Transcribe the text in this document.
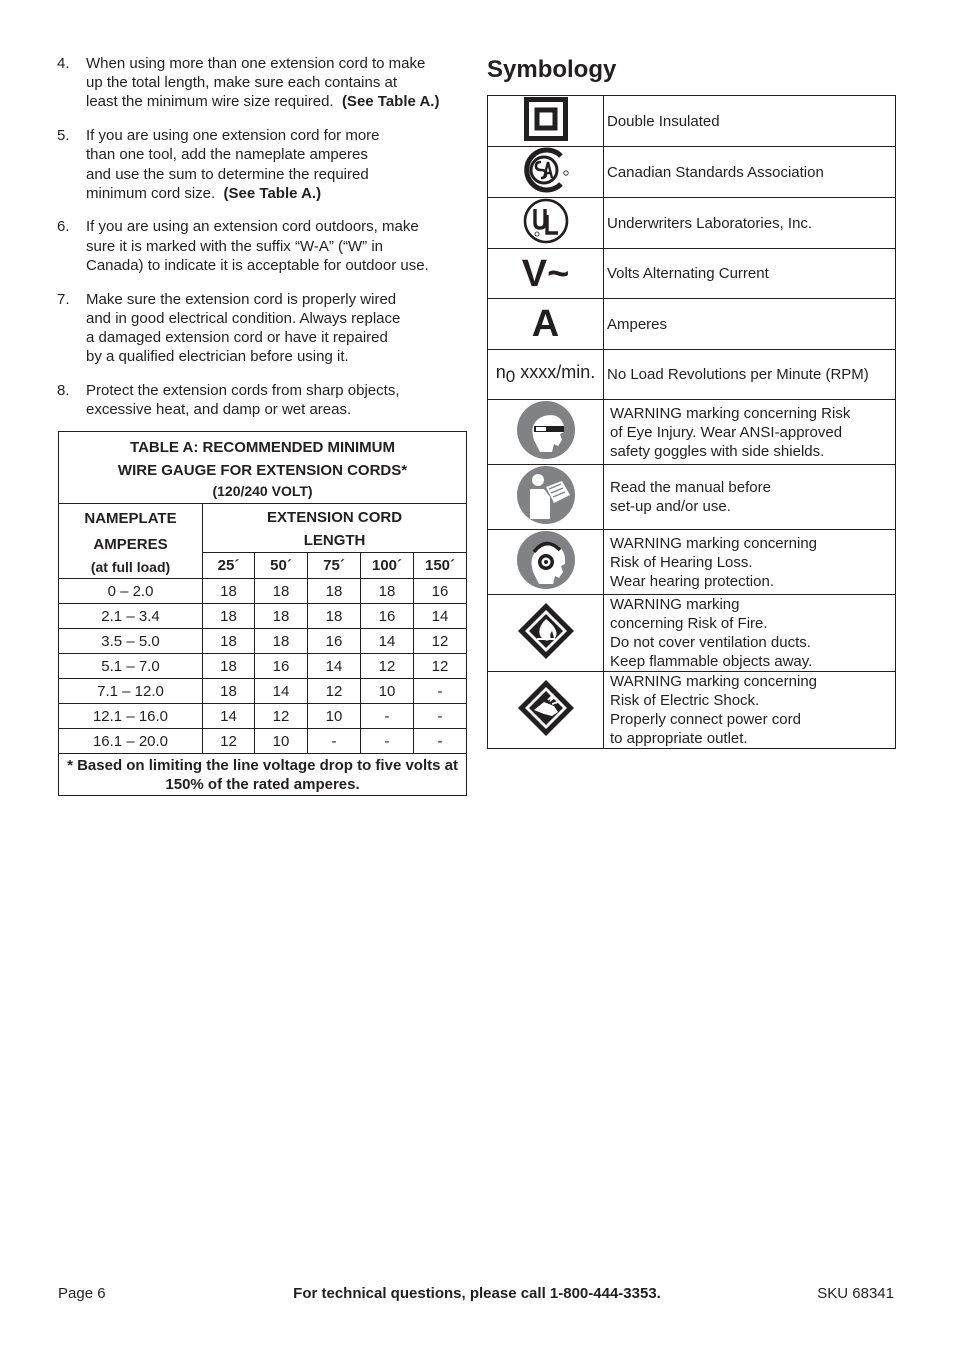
4. When using more than one extension cord to make
up the total length, make sure each contains at
least the minimum wire size required. (See Table A.)
5. If you are using one extension cord for more
than one tool, add the nameplate amperes
and use the sum to determine the required
minimum cord size. (See Table A.)
6. If you are using an extension cord outdoors, make
sure it is marked with the suffix “W-A” (“W” in
Canada) to indicate it is acceptable for outdoor use.
7. Make sure the extension cord is properly wired
and in good electrical condition. Always replace
a damaged extension cord or have it repaired
by a qualified electrician before using it.
8. Protect the extension cords from sharp objects,
excessive heat, and damp or wet areas.
TABLE A: RECOMMENDED MINIMUM
WIRE GAUGE FOR EXTENSION CORDS*
(120/240 VOLT)					

NAMEPLATE
AMPERES
(at full load)	EXTENSION CORD
LENGTH				

	25´	50´	75´	100´	150´
0 – 2.0	18	18	18	18	16
2.1 – 3.4	18	18	18	16	14
3.5 – 5.0	18	18	16	14	12
5.1 – 7.0	18	16	14	12	12
7.1 – 12.0	18	14	12	10	-
12.1 – 16.0	14	12	10	-	-
16.1 – 20.0	12	10	-	-	-

* Based on limiting the line voltage drop to five volts at
150% of the rated amperes.					
Symbology
	Double Insulated
	Canadian Standards Association
	Underwriters Laboratories, Inc.
V~	Volts Alternating Current
A	Amperes
$n_0$ xxxx/min.	No Load Revolutions per Minute (RPM)

WARNING marking concerning Risk
of Eye Injury. Wear ANSI-approved
safety goggles with side shields.

Read the manual before
set-up and/or use.

WARNING marking concerning
Risk of Hearing Loss.
Wear hearing protection.

WARNING marking
concerning Risk of Fire.
Do not cover ventilation ducts.
Keep flammable objects away.

WARNING marking concerning
Risk of Electric Shock.
Properly connect power cord
to appropriate outlet.
Page 6	For technical questions, please call 1-800-444-3353.	SKU 68341
